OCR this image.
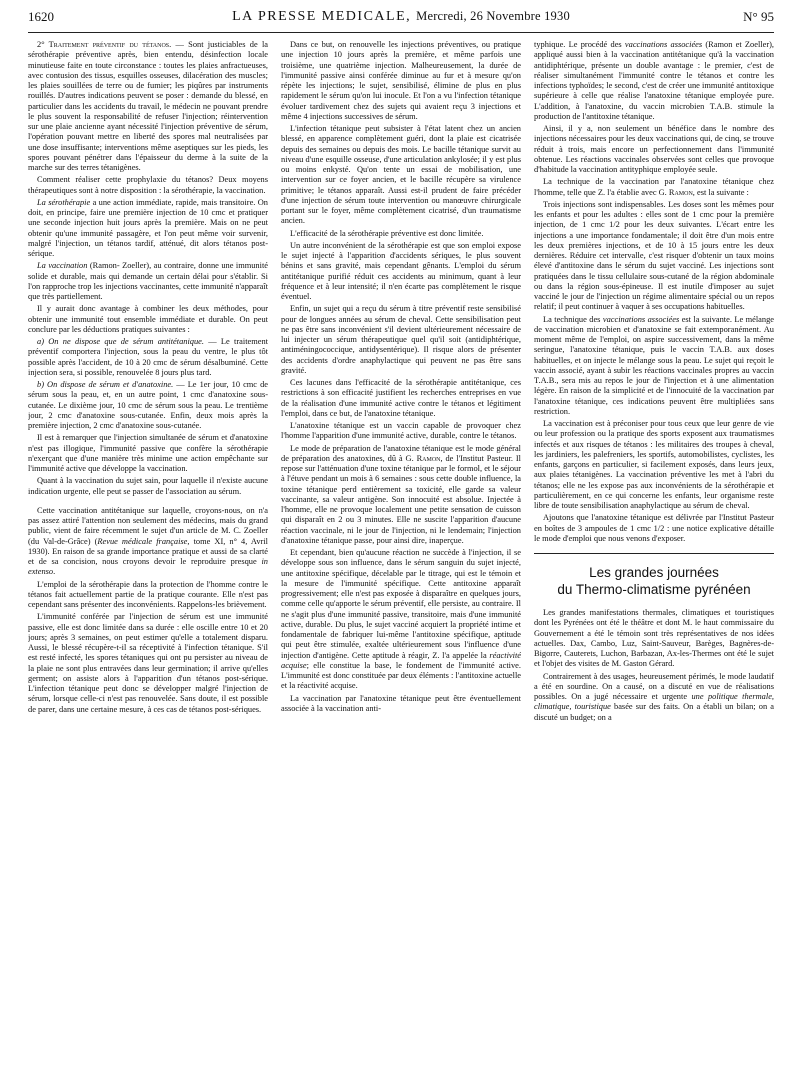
1620	LA PRESSE MEDICALE, Mercredi, 26 Novembre 1930	N° 95

2° Traitement préventif du tétanos. — Sont justiciables de la sérothérapie préventive après, bien entendu, désinfection locale minutieuse faite en toute circonstance : toutes les plaies anfractueuses, avec contusion des tissus, esquilles osseuses, dilacération des muscles; les plaies souillées de terre ou de fumier; les piqûres par instruments rouillés. D'autres indications peuvent se poser : demande du blessé, en particulier dans les accidents du travail, le médecin ne pouvant prendre le plus souvent la responsabilité de refuser l'injection; réintervention sur une plaie ancienne ayant nécessité l'injection préventive de sérum, l'opération pouvant mettre en liberté des spores mal neutralisées par une dose insuffisante; interventions même aseptiques sur les pieds, les spores pouvant pénétrer dans l'épaisseur du derme à la suite de la marche sur des terres tétanigènes.

Comment réaliser cette prophylaxie du tétanos? Deux moyens thérapeutiques sont à notre disposition : la sérothérapie, la vaccination.

La sérothérapie a une action immédiate, rapide, mais transitoire. On doit, en principe, faire une première injection de 10 cmc et pratiquer une seconde injection huit jours après la première. Mais on ne peut obtenir qu'une immunité passagère, et l'on peut même voir survenir, malgré l'injection, un tétanos tardif, atténué, dit alors tétanos post-sérique.

La vaccination (Ramon- Zoeller), au contraire, donne une immunité solide et durable, mais qui demande un certain délai pour s'établir. Si l'on rapproche trop les injections vaccinantes, cette immunité n'apparaît que très partiellement.

Il y aurait donc avantage à combiner les deux méthodes, pour obtenir une immunité tout ensemble immédiate et durable. On peut conclure par les déductions pratiques suivantes :

a) On ne dispose que de sérum antitétanique. — Le traitement préventif comportera l'injection, sous la peau du ventre, le plus tôt possible après l'accident, de 10 à 20 cmc de sérum désalbuminé. Cette injection sera, si possible, renouvelée 8 jours plus tard.

b) On dispose de sérum et d'anatoxine. — Le 1er jour, 10 cmc de sérum sous la peau, et, en un autre point, 1 cmc d'anatoxine sous-cutanée. Le dixième jour, 10 cmc de sérum sous la peau. Le trentième jour, 2 cmc d'anatoxine sous-cutanée. Enfin, deux mois après la première injection, 2 cmc d'anatoxine sous-cutanée.

Il est à remarquer que l'injection simultanée de sérum et d'anatoxine n'est pas illogique, l'immunité passive que confère la sérothérapie n'exerçant que d'une manière très minime une action empêchante sur l'immunité active que développe la vaccination.

Quant à la vaccination du sujet sain, pour laquelle il n'existe aucune indication urgente, elle peut se passer de l'association au sérum.

Cette vaccination antitétanique sur laquelle, croyons-nous, on n'a pas assez attiré l'attention non seulement des médecins, mais du grand public, vient de faire récemment le sujet d'un article de M. C. Zoeller (du Val-de-Grâce) (Revue médicale française, tome XI, n° 4, Avril 1930). En raison de sa grande importance pratique et aussi de sa clarté et de sa concision, nous croyons devoir le reproduire presque in extenso.

L'emploi de la sérothérapie dans la protection de l'homme contre le tétanos fait actuellement partie de la pratique courante. Elle n'est pas cependant sans présenter des inconvénients. Rappelons-les brièvement.

L'immunité conférée par l'injection de sérum est une immunité passive, elle est donc limitée dans sa durée : elle oscille entre 10 et 20 jours; après 3 semaines, on peut estimer qu'elle a totalement disparu. Aussi, le blessé récupère-t-il sa réceptivité à l'infection tétanique. S'il est resté infecté, les spores tétaniques qui ont pu persister au niveau de la plaie ne sont plus entravées dans leur germination; il arrive qu'elles germent; on assiste alors à l'apparition d'un tétanos post-sérique. L'infection tétanique peut donc se développer malgré l'injection de sérum, lorsque celle-ci n'est pas renouvelée. Sans doute, il est possible de parer, dans une certaine mesure, à ces cas de tétanos post-sériques.

Dans ce but, on renouvelle les injections préventives, ou pratique une injection 10 jours après la première, et même parfois une troisième, une quatrième injection. Malheureusement, la durée de l'immunité passive ainsi conférée diminue au fur et à mesure qu'on répète les injections; le sujet, sensibilisé, élimine de plus en plus rapidement le sérum qu'on lui inocule. Et l'on a vu l'infection tétanique évoluer tardivement chez des sujets qui avaient reçu 3 injections et même 4 injections successives de sérum.

L'infection tétanique peut subsister à l'état latent chez un ancien blessé, en apparence complètement guéri, dont la plaie est cicatrisée depuis des semaines ou depuis des mois. Le bacille tétanique survit au niveau d'une esquille osseuse, d'une articulation ankylosée; il y est plus ou moins enkysté. Qu'on tente un essai de mobilisation, une intervention sur ce foyer ancien, et le bacille récupère sa virulence primitive; le tétanos apparaît. Aussi est-il prudent de faire précéder d'une injection de sérum toute intervention ou manœuvre chirurgicale portant sur le foyer, même complètement cicatrisé, d'un traumatisme ancien.

L'efficacité de la sérothérapie préventive est donc limitée.

Un autre inconvénient de la sérothérapie est que son emploi expose le sujet injecté à l'apparition d'accidents sériques, le plus souvent bénins et sans gravité, mais cependant gênants. L'emploi du sérum antitétanique purifié réduit ces accidents au minimum, quant à leur fréquence et à leur intensité; il n'en écarte pas complètement le risque éventuel.

Enfin, un sujet qui a reçu du sérum à titre préventif reste sensibilisé pour de longues années au sérum de cheval. Cette sensibilisation peut ne pas être sans inconvénient s'il devient ultérieurement nécessaire de lui injecter un sérum thérapeutique quel qu'il soit (antidiphtérique, antiméningococcique, antidysentérique). Il risque alors de présenter des accidents d'ordre anaphylactique qui peuvent ne pas être sans gravité.

Ces lacunes dans l'efficacité de la sérothérapie antitétanique, ces restrictions à son efficacité justifient les recherches entreprises en vue de la réalisation d'une immunité active contre le tétanos et légitiment l'emploi, dans ce but, de l'anatoxine tétanique.

L'anatoxine tétanique est un vaccin capable de provoquer chez l'homme l'apparition d'une immunité active, durable, contre le tétanos.

Le mode de préparation de l'anatoxine tétanique est le mode général de préparation des anatoxines, dû à G. Ramon, de l'Institut Pasteur. Il repose sur l'atténuation d'une toxine tétanique par le formol, et le séjour à l'étuve pendant un mois à 6 semaines : sous cette double influence, la toxine tétanique perd entièrement sa toxicité, elle garde sa valeur vaccinante, sa valeur antigène. Son innocuité est absolue. Injectée à l'homme, elle ne provoque localement une petite sensation de cuisson qui disparaît en 2 ou 3 minutes. Elle ne suscite l'apparition d'aucune réaction vaccinale, ni le jour de l'injection, ni le lendemain; l'injection d'anatoxine tétanique passe, pour ainsi dire, inaperçue.

Et cependant, bien qu'aucune réaction ne succède à l'injection, il se développe sous son influence, dans le sérum sanguin du sujet injecté, une antitoxine spécifique, décelable par le titrage, qui est le témoin et la mesure de l'immunité spécifique. Cette antitoxine apparaît progressivement; elle n'est pas exposée à disparaître en quelques jours, comme celle qu'apporte le sérum préventif, elle persiste, au contraire. Il ne s'agit plus d'une immunité passive, transitoire, mais d'une immunité active, durable. Du plus, le sujet vacciné acquiert la propriété intime et fondamentale de fabriquer lui-même l'antitoxine spécifique, aptitude qui peut être stimulée, exaltée ultérieurement sous l'influence d'une injection d'antigène. Cette aptitude à réagir, Z. l'a appelée la réactivité acquise; elle constitue la base, le fondement de l'immunité active. L'immunité est donc constituée par deux éléments : l'antitoxine actuelle et la réactivité acquise.

La vaccination par l'anatoxine tétanique peut être éventuellement associée à la vaccination anti-

typhique. Le procédé des vaccinations associées (Ramon et Zoeller), appliqué aussi bien à la vaccination antitétanique qu'à la vaccination antidiphtérique, présente un double avantage : le premier, c'est de réaliser simultanément l'immunité contre le tétanos et contre les infections typhoïdes; le second, c'est de créer une immunité antitoxique supérieure à celle que réalise l'anatoxine tétanique employée pure. L'addition, à l'anatoxine, du vaccin microbien T.A.B. stimule la production de l'antitoxine tétanique.

Ainsi, il y a, non seulement un bénéfice dans le nombre des injections nécessaires pour les deux vaccinations qui, de cinq, se trouve réduit à trois, mais encore un perfectionnement dans l'immunité obtenue. Les réactions vaccinales observées sont celles que provoque d'habitude la vaccination antityphique employée seule.

La technique de la vaccination par l'anatoxine tétanique chez l'homme, telle que Z. l'a établie avec G. Ramon, est la suivante :

Trois injections sont indispensables. Les doses sont les mêmes pour les enfants et pour les adultes : elles sont de 1 cmc pour la première injection, de 1 cmc 1/2 pour les deux suivantes. L'écart entre les injections a une importance fondamentale; il doit être d'un mois entre les deux premières injections, et de 10 à 15 jours entre les deux dernières. Réduire cet intervalle, c'est risquer d'obtenir un taux moins élevé d'antitoxine dans le sérum du sujet vacciné. Les injections sont pratiquées dans le tissu cellulaire sous-cutané de la région abdominale ou dans la région sous-épineuse. Il est inutile d'imposer au sujet vacciné le jour de l'injection un régime alimentaire spécial ou un repos relatif; il peut continuer à vaquer à ses occupations habituelles.

La technique des vaccinations associées est la suivante. Le mélange de vaccination microbien et d'anatoxine se fait extemporanément. Au moment même de l'emploi, on aspire successivement, dans la même seringue, l'anatoxine tétanique, puis le vaccin T.A.B. aux doses habituelles, et on injecte le mélange sous la peau. Le sujet qui reçoit le vaccin associé, ayant à subir les réactions vaccinales propres au vaccin T.A.B., sera mis au repos le jour de l'injection et à une alimentation légère. En raison de la simplicité et de l'innocuité de la vaccination par l'anatoxine tétanique, ces indications peuvent être multipliées sans restriction.

La vaccination est à préconiser pour tous ceux que leur genre de vie ou leur profession ou la pratique des sports exposent aux traumatismes infectés et aux risques de tétanos : les militaires des troupes à cheval, les jardiniers, les palefreniers, les sportifs, automobilistes, cyclistes, les enfants, garçons en particulier, si facilement exposés, dans leurs jeux, aux plaies tétanigènes. La vaccination préventive les met à l'abri du tétanos; elle ne les expose pas aux inconvénients de la sérothérapie et particulièrement, en ce qui concerne les enfants, leur organisme reste libre de toute sensibilisation anaphylactique au sérum de cheval.

Ajoutons que l'anatoxine tétanique est délivrée par l'Institut Pasteur en boîtes de 3 ampoules de 1 cmc 1/2 : une notice explicative détaille le mode d'emploi que nous venons d'exposer.

Les grandes journées
du Thermo-climatisme pyrénéen

Les grandes manifestations thermales, climatiques et touristiques dont les Pyrénées ont été le théâtre et dont M. le haut commissaire du Gouvernement a été le témoin sont très représentatives de nos idées actuelles. Dax, Cambo, Luz, Saint-Sauveur, Barèges, Bagnères-de-Bigorre, Cauterets, Luchon, Barbazan, Ax-les-Thermes ont été le sujet et l'objet des visites de M. Gaston Gérard.

Contrairement à des usages, heureusement périmés, le mode laudatif a été en sourdine. On a causé, on a discuté en vue de réalisations possibles. On a jugé nécessaire et urgente une politique thermale, climatique, touristique basée sur des faits. On a établi un bilan; on a discuté un budget; on a
